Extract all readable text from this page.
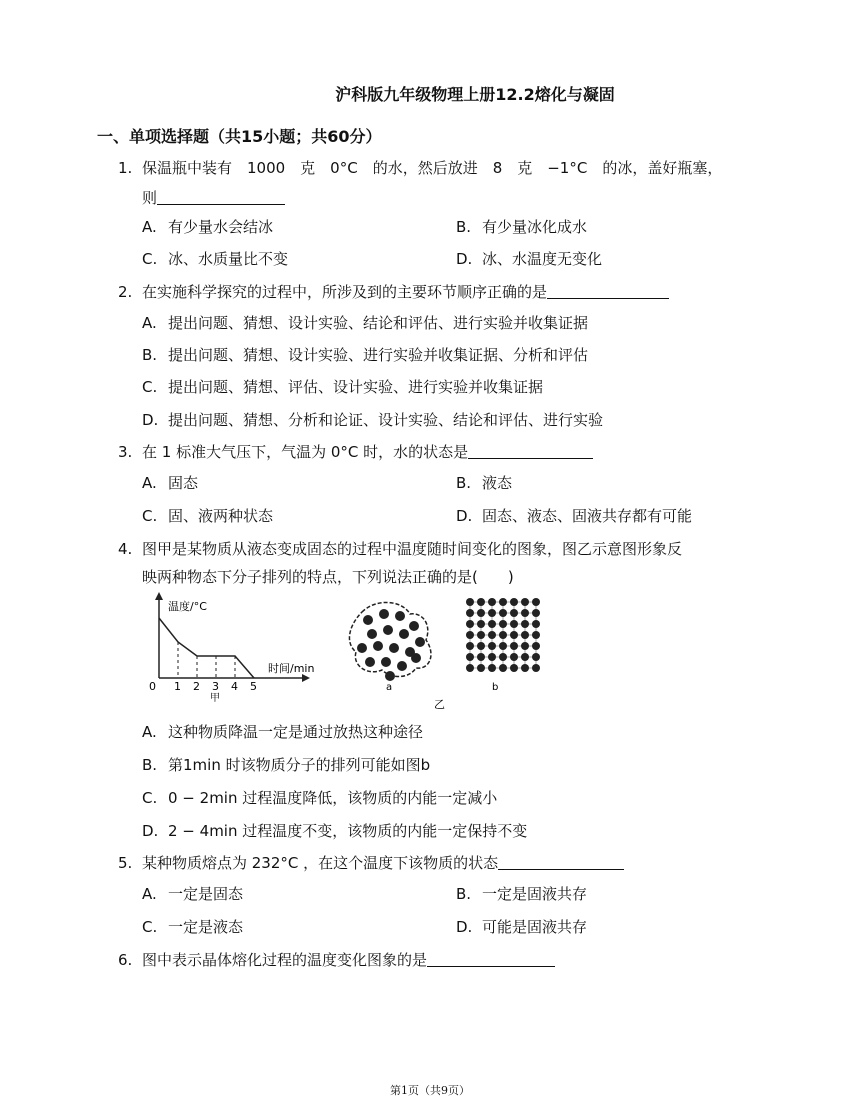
沪科版九年级物理上册12.2熔化与凝固
一、单项选择题（共15小题；共60分）
1. 保温瓶中装有　1000　克　0°C　的水，然后放进　8　克　−1°C　的冰，盖好瓶塞，
则
A. 有少量水会结冰	B. 有少量冰化成水
C. 冰、水质量比不变	D. 冰、水温度无变化
2. 在实施科学探究的过程中，所涉及到的主要环节顺序正确的是
A. 提出问题、猜想、设计实验、结论和评估、进行实验并收集证据
B. 提出问题、猜想、设计实验、进行实验并收集证据、分析和评估
C. 提出问题、猜想、评估、设计实验、进行实验并收集证据
D. 提出问题、猜想、分析和论证、设计实验、结论和评估、进行实验
3. 在 1 标准大气压下，气温为 0°C 时，水的状态是
A. 固态	B. 液态
C. 固、液两种状态	D. 固态、液态、固液共存都有可能
4. 图甲是某物质从液态变成固态的过程中温度随时间变化的图象，图乙示意图形象反
映两种物态下分子排列的特点，下列说法正确的是(　　)
温度/°C
时间/min
0 1 2 3 4 5
甲
a	b
乙
A. 这种物质降温一定是通过放热这种途径
B. 第1min 时该物质分子的排列可能如图b
C. 0 − 2min 过程温度降低，该物质的内能一定减小
D. 2 − 4min 过程温度不变，该物质的内能一定保持不变
5. 某种物质熔点为 232°C ，在这个温度下该物质的状态
A. 一定是固态	B. 一定是固液共存
C. 一定是液态	D. 可能是固液共存
6. 图中表示晶体熔化过程的温度变化图象的是
第1页（共9页）
